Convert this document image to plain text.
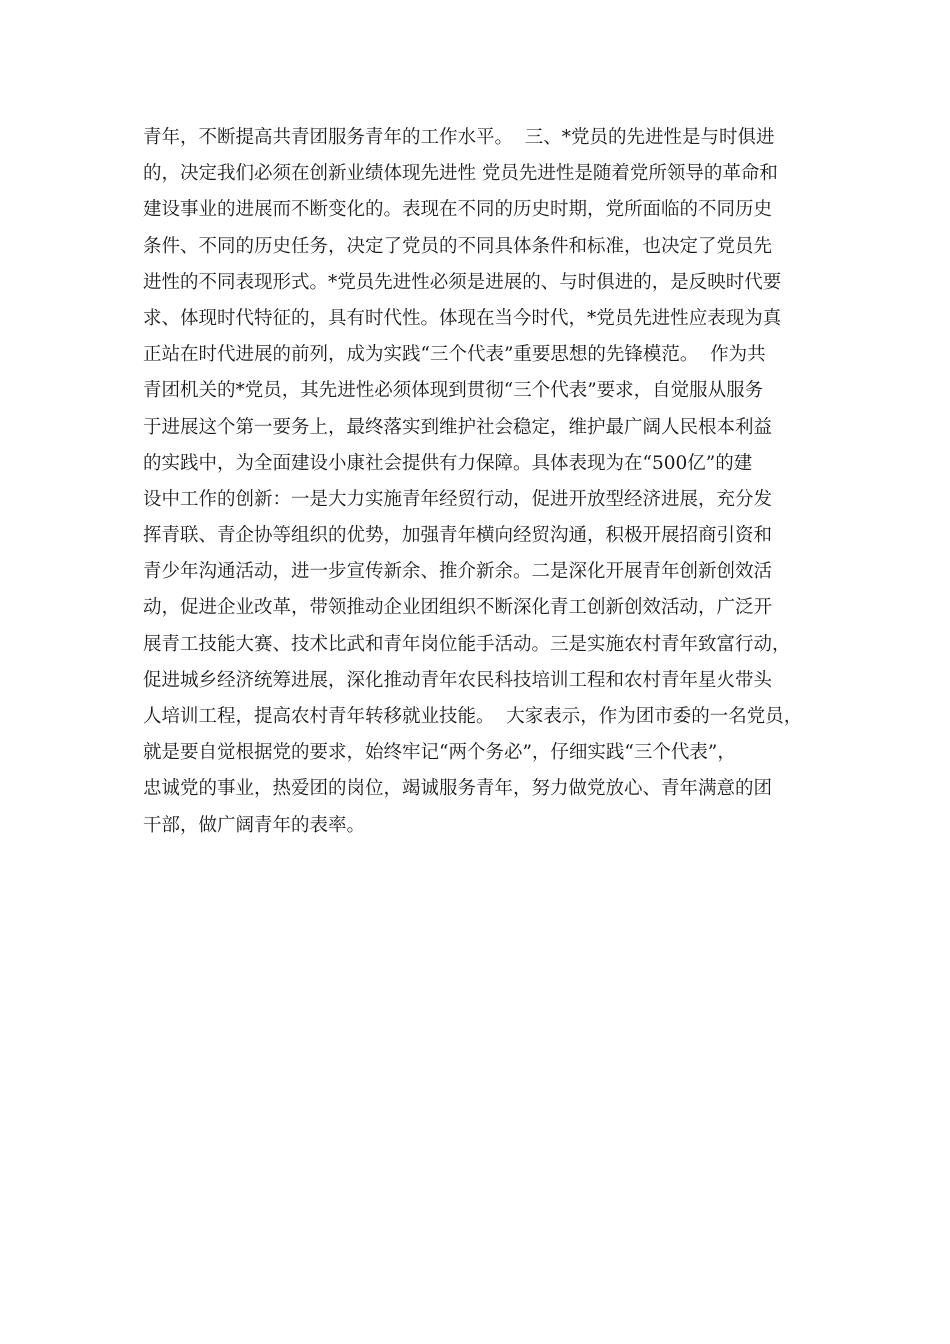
青年，不断提高共青团服务青年的工作水平。  三、*党员的先进性是与时俱进
的，决定我们必须在创新业绩体现先进性 党员先进性是随着党所领导的革命和
建设事业的进展而不断变化的。表现在不同的历史时期，党所面临的不同历史
条件、不同的历史任务，决定了党员的不同具体条件和标准，也决定了党员先
进性的不同表现形式。*党员先进性必须是进展的、与时俱进的，是反映时代要
求、体现时代特征的，具有时代性。体现在当今时代，*党员先进性应表现为真
正站在时代进展的前列，成为实践“三个代表”重要思想的先锋模范。  作为共
青团机关的*党员，其先进性必须体现到贯彻“三个代表”要求，自觉服从服务
于进展这个第一要务上，最终落实到维护社会稳定，维护最广阔人民根本利益
的实践中，为全面建设小康社会提供有力保障。具体表现为在“500亿”的建
设中工作的创新：一是大力实施青年经贸行动，促进开放型经济进展，充分发
挥青联、青企协等组织的优势，加强青年横向经贸沟通，积极开展招商引资和
青少年沟通活动，进一步宣传新余、推介新余。二是深化开展青年创新创效活
动，促进企业改革，带领推动企业团组织不断深化青工创新创效活动，广泛开
展青工技能大赛、技术比武和青年岗位能手活动。三是实施农村青年致富行动，
促进城乡经济统筹进展，深化推动青年农民科技培训工程和农村青年星火带头
人培训工程，提高农村青年转移就业技能。  大家表示，作为团市委的一名党员，
就是要自觉根据党的要求，始终牢记“两个务必”，仔细实践“三个代表”，
忠诚党的事业，热爱团的岗位，竭诚服务青年，努力做党放心、青年满意的团
干部，做广阔青年的表率。
